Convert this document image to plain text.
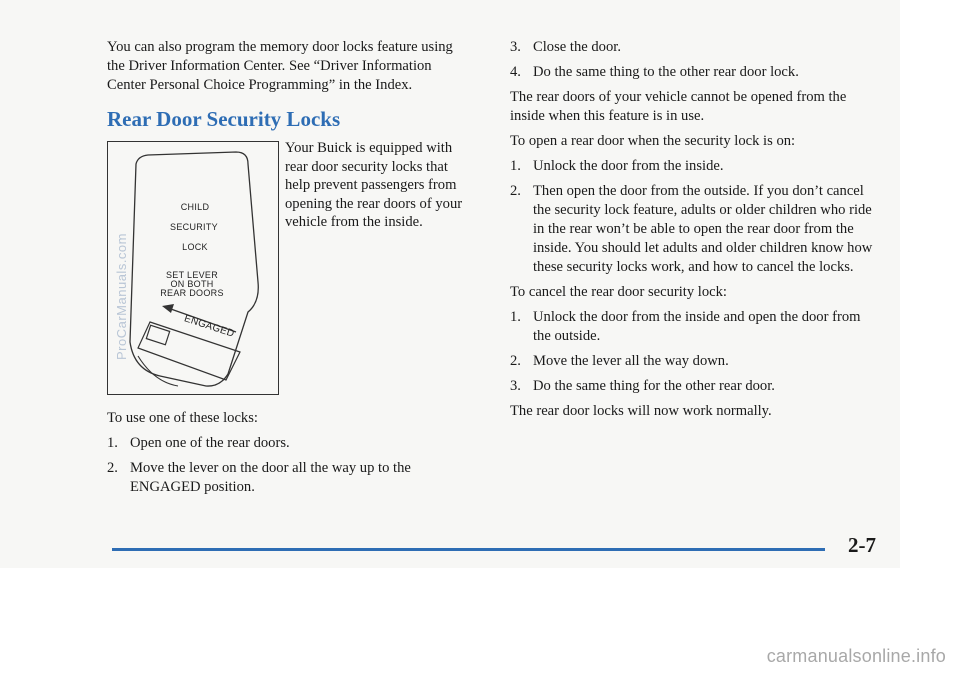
You can also program the memory door locks feature using the Driver Information Center. See “Driver Information Center Personal Choice Programming” in the Index.

Rear Door Security Locks
CHILD
SECURITY
LOCK
SET LEVER
ON BOTH
REAR DOORS
ENGAGED

Your Buick is equipped with rear door security locks that help prevent passengers from opening the rear doors of your vehicle from the inside.

To use one of these locks:

1. Open one of the rear doors.
2. Move the lever on the door all the way up to the ENGAGED position.
3. Close the door.
4. Do the same thing to the other rear door lock.

The rear doors of your vehicle cannot be opened from the inside when this feature is in use.

To open a rear door when the security lock is on:

1. Unlock the door from the inside.
2. Then open the door from the outside. If you don’t cancel the security lock feature, adults or older children who ride in the rear won’t be able to open the rear door from the inside. You should let adults and older children know how these security locks work, and how to cancel the locks.

To cancel the rear door security lock:

1. Unlock the door from the inside and open the door from the outside.
2. Move the lever all the way down.
3. Do the same thing for the other rear door.

The rear door locks will now work normally.

ProCarManuals.com
2-7
carmanualsonline.info
